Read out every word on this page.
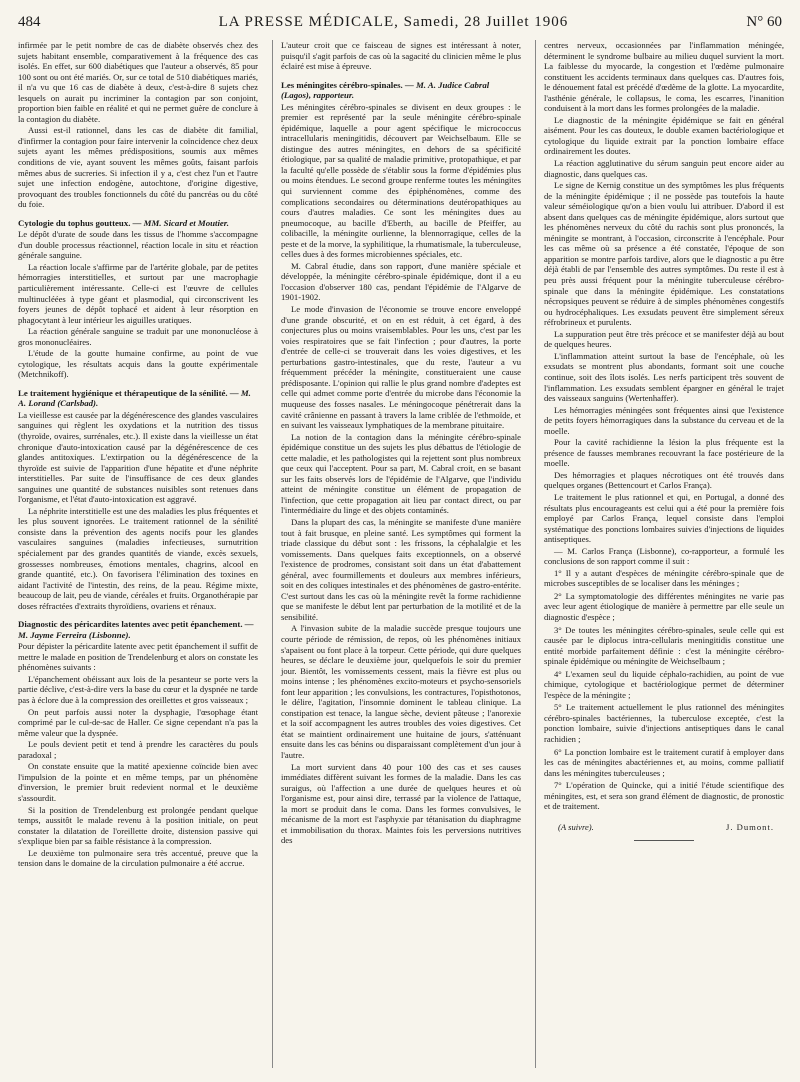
484	LA PRESSE MÉDICALE, Samedi, 28 Juillet 1906	N° 60

infirmée par le petit nombre de cas de diabète observés chez des sujets habitant ensemble, comparativement à la fréquence des cas isolés. En effet, sur 600 diabétiques que l'auteur a observés, 85 pour 100 sont ou ont été mariés. Or, sur ce total de 510 diabétiques mariés, il n'a vu que 16 cas de diabète à deux, c'est-à-dire 8 sujets chez lesquels on aurait pu incriminer la contagion par son conjoint, proportion bien faible en réalité et qui ne permet guère de conclure à la contagion du diabète.

Aussi est-il rationnel, dans les cas de diabète dit familial, d'infirmer la contagion pour faire intervenir la coïncidence chez deux sujets ayant les mêmes prédispositions, soumis aux mêmes conditions de vie, ayant souvent les mêmes goûts, faisant parfois mêmes abus de sucreries. Si infection il y a, c'est chez l'un et l'autre sujet une infection endogène, autochtone, d'origine digestive, provoquant des troubles fonctionnels du côté du pancréas ou du côté du foie.

Cytologie du tophus goutteux. — MM. Sicard et Moutier.

Le dépôt d'urate de soude dans les tissus de l'homme s'accompagne d'un double processus réactionnel, réaction locale in situ et réaction générale sanguine.

La réaction locale s'affirme par de l'artérite globale, par de petites hémorragies interstitielles, et surtout par une macrophagie particulièrement intéressante. Celle-ci est l'œuvre de cellules multinucléées à type géant et plasmodial, qui circonscrivent les foyers jeunes de dépôt tophacé et aident à leur résorption en phagocytant à leur intérieur les aiguilles uratiques.

La réaction générale sanguine se traduit par une mononucléose à gros mononucléaires.

L'étude de la goutte humaine confirme, au point de vue cytologique, les résultats acquis dans la goutte expérimentale (Metchnikoff).

Le traitement hygiénique et thérapeutique de la sénilité. — M. A. Lorand (Carlsbad).

La vieillesse est causée par la dégénérescence des glandes vasculaires sanguines qui règlent les oxydations et la nutrition des tissus (thyroïde, ovaires, surrénales, etc.). Il existe dans la vieillesse un état chronique d'auto-intoxication causé par la dégénérescence de ces glandes antitoxiques. L'extirpation ou la dégénérescence de la thyroïde est suivie de l'apparition d'une hépatite et d'une néphrite interstitielles. Par suite de l'insuffisance de ces deux glandes sanguines une quantité de substances nuisibles sont retenues dans l'organisme, et l'état d'auto-intoxication est aggravé.

La néphrite interstitielle est une des maladies les plus fréquentes et les plus souvent ignorées. Le traitement rationnel de la sénilité consiste dans la prévention des agents nocifs pour les glandes vasculaires sanguines (maladies infectieuses, surnutrition spécialement par des grandes quantités de viande, excès sexuels, grossesses nombreuses, émotions mentales, chagrins, alcool en grande quantité, etc.). On favorisera l'élimination des toxines en aidant l'activité de l'intestin, des reins, de la peau. Régime mixte, beaucoup de lait, peu de viande, céréales et fruits. Organothérapie par doses réfractées d'extraits thyroïdiens, ovariens et rénaux.

Diagnostic des péricardites latentes avec petit épanchement. — M. Jayme Ferreira (Lisbonne).

Pour dépister la péricardite latente avec petit épanchement il suffit de mettre le malade en position de Trendelenburg et alors on constate les phénomènes suivants :

L'épanchement obéissant aux lois de la pesanteur se porte vers la partie déclive, c'est-à-dire vers la base du cœur et la dyspnée ne tarde pas à éclore due à la compression des oreillettes et gros vaisseaux ;

On peut parfois aussi noter la dysphagie, l'œsophage étant comprimé par le cul-de-sac de Haller. Ce signe cependant n'a pas la même valeur que la dyspnée.

Le pouls devient petit et tend à prendre les caractères du pouls paradoxal ;

On constate ensuite que la matité apexienne coïncide bien avec l'impulsion de la pointe et en même temps, par un phénomène d'inversion, le premier bruit redevient normal et le deuxième s'assourdit.

Si la position de Trendelenburg est prolongée pendant quelque temps, aussitôt le malade revenu à la position initiale, on peut constater la dilatation de l'oreillette droite, distension passive qui s'explique bien par sa faible résistance à la compression.

Le deuxième ton pulmonaire sera très accentué, preuve que la tension dans le domaine de la circulation pulmonaire a été accrue.

L'auteur croit que ce faisceau de signes est intéressant à noter, puisqu'il s'agit parfois de cas où la sagacité du clinicien même le plus éclairé est mise à épreuve.

Les méningites cérébro-spinales. — M. A. Judice Cabral (Lagos), rapporteur.

Les méningites cérébro-spinales se divisent en deux groupes : le premier est représenté par la seule méningite cérébro-spinale épidémique, laquelle a pour agent spécifique le micrococcus intracellularis meningitidis, découvert par Weichselbaum. Elle se distingue des autres méningites, en dehors de sa spécificité étiologique, par sa qualité de maladie primitive, protopathique, et par la faculté qu'elle possède de s'établir sous la forme d'épidémies plus ou moins étendues. Le second groupe renferme toutes les méningites qui surviennent comme des épiphénomènes, comme des complications secondaires ou déterminations deutéropathiques au cours d'autres maladies. Ce sont les méningites dues au pneumocoque, au bacille d'Eberth, au bacille de Pfeiffer, au colibacille, la méningite ourlienne, la blennorragique, celles de la peste et de la morve, la syphilitique, la rhumatismale, la tuberculeuse, celles dues à des formes microbiennes spéciales, etc.

M. Cabral étudie, dans son rapport, d'une manière spéciale et développée, la méningite cérébro-spinale épidémique, dont il a eu l'occasion d'observer 180 cas, pendant l'épidémie de l'Algarve de 1901-1902.

Le mode d'invasion de l'économie se trouve encore enveloppé d'une grande obscurité, et on en est réduit, à cet égard, à des conjectures plus ou moins vraisemblables. Pour les uns, c'est par les voies respiratoires que se fait l'infection ; pour d'autres, la porte d'entrée de celle-ci se trouverait dans les voies digestives, et les perturbations gastro-intestinales, que du reste, l'auteur a vu fréquemment précéder la méningite, constitueraient une cause prédisposante. L'opinion qui rallie le plus grand nombre d'adeptes est celle qui admet comme porte d'entrée du microbe dans l'économie la muqueuse des fosses nasales. Le méningocoque pénétrerait dans la cavité crânienne en passant à travers la lame criblée de l'ethmoïde, et en suivant les vaisseaux lymphatiques de la membrane pituitaire.

La notion de la contagion dans la méningite cérébro-spinale épidémique constitue un des sujets les plus débattus de l'étiologie de cette maladie, et les pathologistes qui la rejettent sont plus nombreux que ceux qui l'acceptent. Pour sa part, M. Cabral croit, en se basant sur les faits observés lors de l'épidémie de l'Algarve, que l'individu atteint de méningite constitue un élément de propagation de l'infection, que cette propagation ait lieu par contact direct, ou par l'intermédiaire du linge et des objets contaminés.

Dans la plupart des cas, la méningite se manifeste d'une manière tout à fait brusque, en pleine santé. Les symptômes qui forment la triade classique du début sont : les frissons, la céphalalgie et les vomissements. Dans quelques faits exceptionnels, on a observé l'existence de prodromes, consistant soit dans un état d'abattement général, avec fourmillements et douleurs aux membres inférieurs, soit en des coliques intestinales et des phénomènes de gastro-entérite. C'est surtout dans les cas où la méningite revêt la forme rachidienne que se manifeste le début lent par perturbation de la motilité et de la sensibilité.

A l'invasion subite de la maladie succède presque toujours une courte période de rémission, de repos, où les phénomènes initiaux s'apaisent ou font place à la torpeur. Cette période, qui dure quelques heures, se déclare le deuxième jour, quelquefois le soir du premier jour. Bientôt, les vomissements cessent, mais la fièvre est plus ou moins intense ; les phénomènes excito-moteurs et psycho-sensoriels font leur apparition ; les convulsions, les contractures, l'opisthotonos, le délire, l'agitation, l'insomnie dominent le tableau clinique. La constipation est tenace, la langue sèche, devient pâteuse ; l'anorexie et la soif accompagnent les autres troubles des voies digestives. Cet état se maintient ordinairement une huitaine de jours, s'atténuant ensuite dans les cas bénins ou disparaissant complètement d'un jour à l'autre.

La mort survient dans 40 pour 100 des cas et ses causes immédiates diffèrent suivant les formes de la maladie. Dans les cas suraigus, où l'affection a une durée de quelques heures et où l'organisme est, pour ainsi dire, terrassé par la violence de l'attaque, la mort se produit dans le coma. Dans les formes convulsives, le mécanisme de la mort est l'asphyxie par tétanisation du diaphragme et immobilisation du thorax. Maintes fois les perversions nutritives des

centres nerveux, occasionnées par l'inflammation méningée, déterminent le syndrome bulbaire au milieu duquel survient la mort. La faiblesse du myocarde, la congestion et l'œdème pulmonaire constituent les accidents terminaux dans quelques cas. D'autres fois, le dénouement fatal est précédé d'œdème de la glotte. La myocardite, l'asthénie générale, le collapsus, le coma, les escarres, l'inanition conduisent à la mort dans les formes prolongées de la maladie.

Le diagnostic de la méningite épidémique se fait en général aisément. Pour les cas douteux, le double examen bactériologique et cytologique du liquide extrait par la ponction lombaire efface ordinairement les doutes.

La réaction agglutinative du sérum sanguin peut encore aider au diagnostic, dans quelques cas.

Le signe de Kernig constitue un des symptômes les plus fréquents de la méningite épidémique ; il ne possède pas toutefois la haute valeur séméiologique qu'on a bien voulu lui attribuer. D'abord il est absent dans quelques cas de méningite épidémique, alors surtout que les phénomènes nerveux du côté du rachis sont plus prononcés, la méningite se montrant, à l'occasion, circonscrite à l'encéphale. Pour les cas même où sa présence a été constatée, l'époque de son apparition se montre parfois tardive, alors que le diagnostic a pu être déjà établi de par l'ensemble des autres symptômes. Du reste il est à peu près aussi fréquent pour la méningite tuberculeuse cérébro-spinale que dans la méningite épidémique. Les constatations nécropsiques peuvent se réduire à de simples phénomènes congestifs ou hydrocéphaliques. Les exsudats peuvent être simplement séreux réfrobrineux et purulents.

La suppuration peut être très précoce et se manifester déjà au bout de quelques heures.

L'inflammation atteint surtout la base de l'encéphale, où les exsudats se montrent plus abondants, formant soit une couche continue, soit des îlots isolés. Les nerfs participent très souvent de l'inflammation. Les exsudats semblent épargner en général le trajet des vaisseaux sanguins (Wertenhaffer).

Les hémorragies méningées sont fréquentes ainsi que l'existence de petits foyers hémorragiques dans la substance du cerveau et de la moelle.

Pour la cavité rachidienne la lésion la plus fréquente est la présence de fausses membranes recouvrant la face postérieure de la moelle.

Des hémorragies et plaques nécrotiques ont été trouvés dans quelques organes (Bettencourt et Carlos França).

Le traitement le plus rationnel et qui, en Portugal, a donné des résultats plus encourageants est celui qui a été pour la première fois employé par Carlos França, lequel consiste dans l'emploi systématique des ponctions lombaires suivies d'injections de liquides antiseptiques.

— M. Carlos França (Lisbonne), co-rapporteur, a formulé les conclusions de son rapport comme il suit :

1° Il y a autant d'espèces de méningite cérébro-spinale que de microbes susceptibles de se localiser dans les méninges ;

2° La symptomatologie des différentes méningites ne varie pas avec leur agent étiologique de manière à permettre par elle seule un diagnostic d'espèce ;

3° De toutes les méningites cérébro-spinales, seule celle qui est causée par le diplocus intra-cellularis meningitidis constitue une entité morbide parfaitement définie : c'est la méningite cérébro-spinale épidémique ou méningite de Weichselbaum ;

4° L'examen seul du liquide céphalo-rachidien, au point de vue chimique, cytologique et bactériologique permet de déterminer l'espèce de la méningite ;

5° Le traitement actuellement le plus rationnel des méningites cérébro-spinales bactériennes, la tuberculose exceptée, c'est la ponction lombaire, suivie d'injections antiseptiques dans le canal rachidien ;

6° La ponction lombaire est le traitement curatif à employer dans les cas de méningites abactériennes et, au moins, comme palliatif dans les méningites tuberculeuses ;

7° L'opération de Quincke, qui a initié l'étude scientifique des méningites, est, et sera son grand élément de diagnostic, de pronostic et de traitement.

(A suivre).	J. Dumont.
